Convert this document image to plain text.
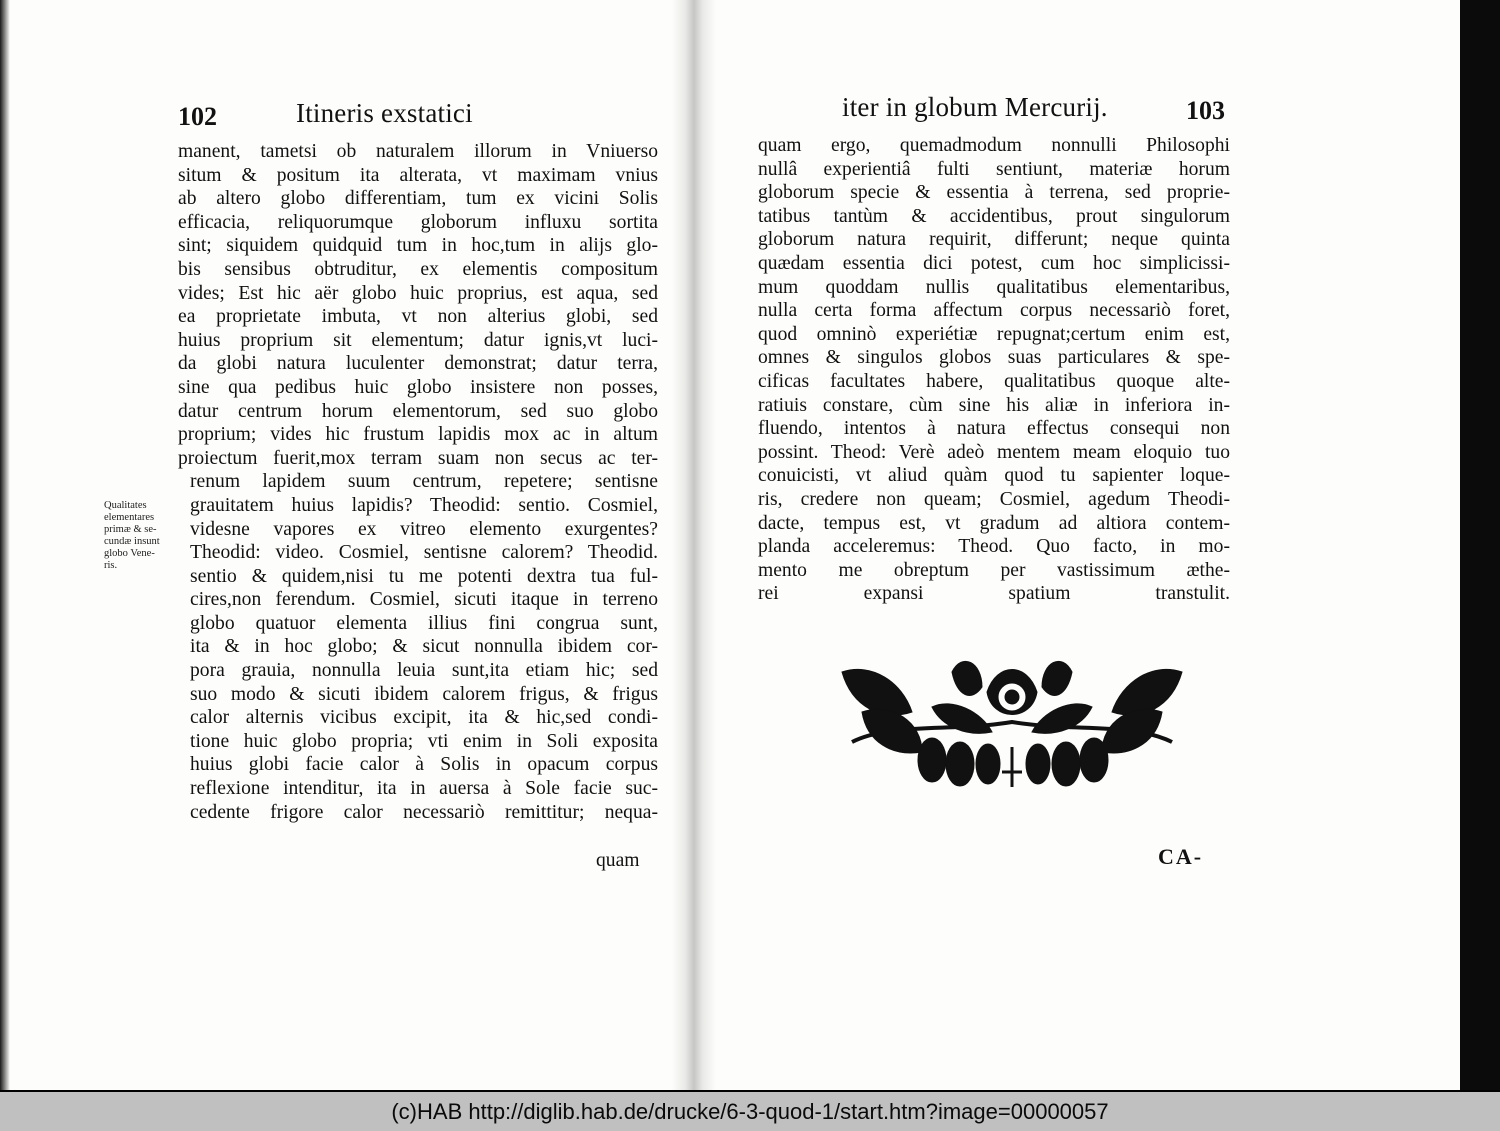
102	Itineris exstatici
manent, tametsi ob naturalem illorum in Vniuerso
situm & positum ita alterata, vt maximam vnius
ab altero globo differentiam, tum ex vicini Solis
efficacia, reliquorumque globorum influxu sortita
sint; siquidem quidquid tum in hoc,tum in alijs glo-
bis sensibus obtruditur, ex elementis compositum
vides; Est hic aër globo huic proprius, est aqua, sed
ea proprietate imbuta, vt non alterius globi, sed
huius proprium sit elementum; datur ignis,vt luci-
da globi natura luculenter demonstrat; datur terra,
sine qua pedibus huic globo insistere non posses,
datur centrum horum elementorum, sed suo globo
proprium; vides hic frustum lapidis mox ac in altum
proiectum fuerit,mox terram suam non secus ac ter-
renum lapidem suum centrum, repetere; sentisne
grauitatem huius lapidis? Theodid: sentio. Cosmiel,
videsne vapores ex vitreo elemento exurgentes?
Theodid: video. Cosmiel, sentisne calorem? Theodid.
sentio & quidem,nisi tu me potenti dextra tua ful-
cires,non ferendum. Cosmiel, sicuti itaque in terreno
globo quatuor elementa illius fini congrua sunt,
ita & in hoc globo; & sicut nonnulla ibidem cor-
pora grauia, nonnulla leuia sunt,ita etiam hic; sed
suo modo & sicuti ibidem calorem frigus, & frigus
calor alternis vicibus excipit, ita & hic,sed condi-
tione huic globo propria; vti enim in Soli exposita
huius globi facie calor à Solis in opacum corpus
reflexione intenditur, ita in auersa à Sole facie suc-
cedente frigore calor necessariò remittitur; nequa-
quam
Qualitates
elementares
primæ & se-
cundæ insunt
globo Vene-
ris.
iter in globum Mercurij.	103
quam ergo, quemadmodum nonnulli Philosophi
nullâ experientiâ fulti sentiunt, materiæ horum
globorum specie & essentia à terrena, sed proprie-
tatibus tantùm & accidentibus, prout singulorum
globorum natura requirit, differunt; neque quinta
quædam essentia dici potest, cum hoc simplicissi-
mum quoddam nullis qualitatibus elementaribus,
nulla certa forma affectum corpus necessariò foret,
quod omninò experiétiæ repugnat;certum enim est,
omnes & singulos globos suas particulares & spe-
cificas facultates habere, qualitatibus quoque alte-
ratiuis constare, cùm sine his aliæ in inferiora in-
fluendo, intentos à natura effectus consequi non
possint. Theod: Verè adeò mentem meam eloquio tuo
conuicisti, vt aliud quàm quod tu sapienter loque-
ris, credere non queam; Cosmiel, agedum Theodi-
dacte, tempus est, vt gradum ad altiora contem-
planda acceleremus: Theod. Quo facto, in mo-
mento me obreptum per vastissimum æthe-
rei expansi spatium transtulit.
CA-
(c)HAB http://diglib.hab.de/drucke/6-3-quod-1/start.htm?image=00000057
